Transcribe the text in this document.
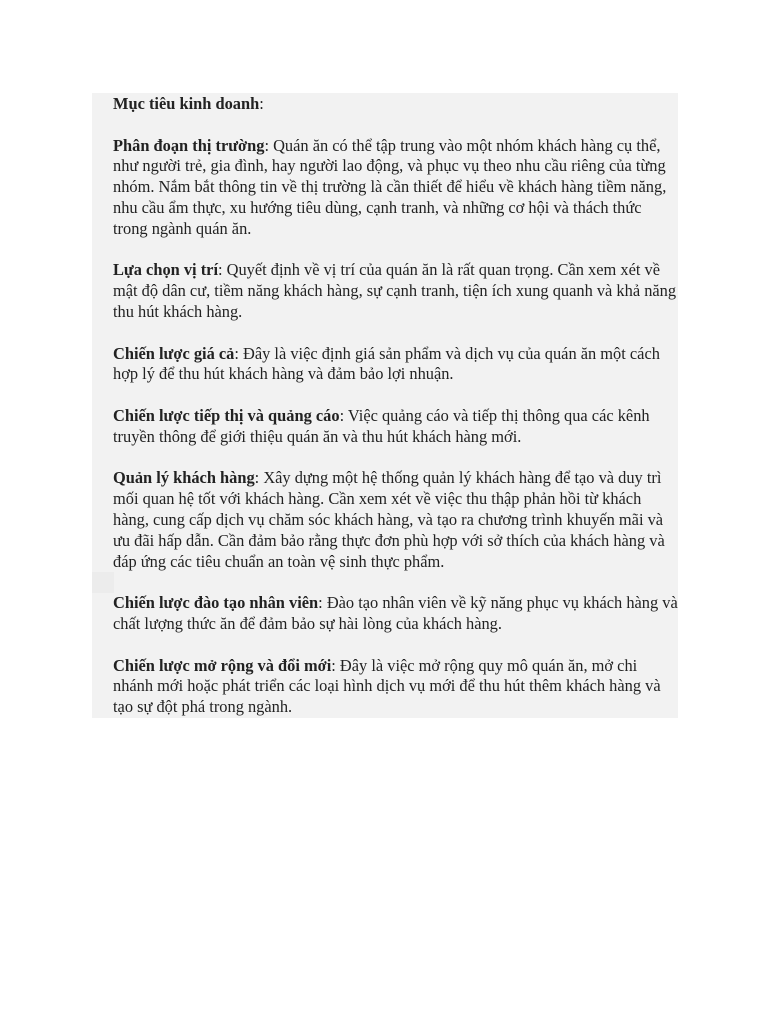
Mục tiêu kinh doanh:

Phân đoạn thị trường: Quán ăn có thể tập trung vào một nhóm khách hàng cụ thể, như người trẻ, gia đình, hay người lao động, và phục vụ theo nhu cầu riêng của từng nhóm. Nắm bắt thông tin về thị trường là cần thiết để hiểu về khách hàng tiềm năng, nhu cầu ẩm thực, xu hướng tiêu dùng, cạnh tranh, và những cơ hội và thách thức trong ngành quán ăn.

Lựa chọn vị trí: Quyết định về vị trí của quán ăn là rất quan trọng. Cần xem xét về mật độ dân cư, tiềm năng khách hàng, sự cạnh tranh, tiện ích xung quanh và khả năng thu hút khách hàng.

Chiến lược giá cả: Đây là việc định giá sản phẩm và dịch vụ của quán ăn một cách hợp lý để thu hút khách hàng và đảm bảo lợi nhuận.

Chiến lược tiếp thị và quảng cáo: Việc quảng cáo và tiếp thị thông qua các kênh truyền thông để giới thiệu quán ăn và thu hút khách hàng mới.

Quản lý khách hàng: Xây dựng một hệ thống quản lý khách hàng để tạo và duy trì mối quan hệ tốt với khách hàng. Cần xem xét về việc thu thập phản hồi từ khách hàng, cung cấp dịch vụ chăm sóc khách hàng, và tạo ra chương trình khuyến mãi và ưu đãi hấp dẫn. Cần đảm bảo rằng thực đơn phù hợp với sở thích của khách hàng và đáp ứng các tiêu chuẩn an toàn vệ sinh thực phẩm.

Chiến lược đào tạo nhân viên: Đào tạo nhân viên về kỹ năng phục vụ khách hàng và chất lượng thức ăn để đảm bảo sự hài lòng của khách hàng.

Chiến lược mở rộng và đổi mới: Đây là việc mở rộng quy mô quán ăn, mở chi nhánh mới hoặc phát triển các loại hình dịch vụ mới để thu hút thêm khách hàng và tạo sự đột phá trong ngành.
